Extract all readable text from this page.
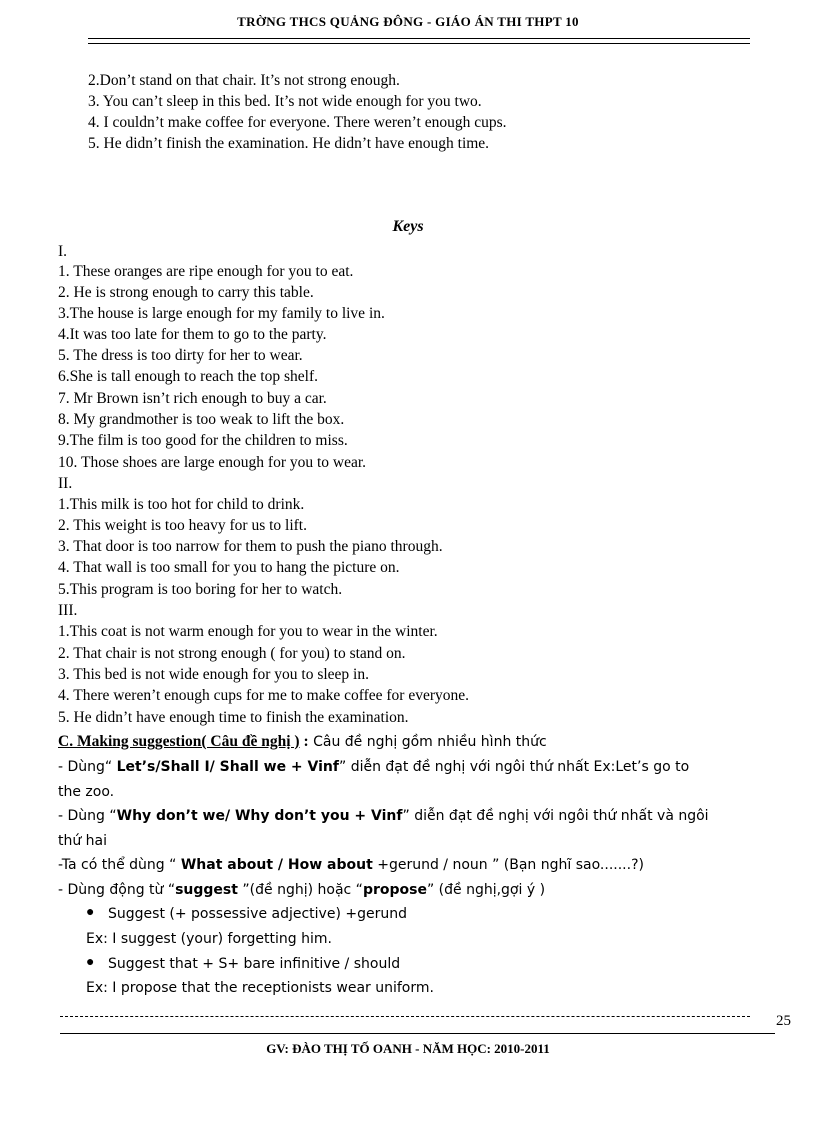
TRỜNG THCS QUẢNG ĐÔNG - GIÁO ÁN THI THPT 10
2.Don’t stand on that chair. It’s not strong enough.
3. You can’t sleep in this bed. It’s not wide enough for you two.
4. I couldn’t make coffee for everyone. There weren’t enough cups.
5. He didn’t finish the examination. He didn’t have enough time.
Keys
I.
1. These oranges are ripe enough for you to eat.
2. He is strong enough to carry this table.
3.The house is large enough for my family to live in.
4.It was too late for them to go to the party.
5. The dress is too dirty for her to wear.
6.She is tall enough to reach the top shelf.
7. Mr Brown isn’t rich enough to buy a car.
8. My grandmother is too weak to lift the box.
9.The film is too good for the children to miss.
10. Those shoes are large enough for you to wear.
II.
1.This milk is too hot for child to drink.
2. This weight is too heavy for us to lift.
3. That door is too narrow for them to push the piano through.
4. That wall is too small for you to hang the picture on.
5.This program is too boring for her to watch.
III.
1.This coat is not warm enough for you to wear in the winter.
2. That chair is not strong enough ( for you) to stand on.
3. This bed is not wide enough for you to sleep in.
4. There weren’t enough cups for me to make coffee for everyone.
5. He didn’t have enough time to finish the examination.
C. Making suggestion( Câu đề nghị ) : Câu đề nghị gồm nhiều hình thức
- Dùng“ Let’s/Shall I/ Shall we + Vinf” diễn đạt đề nghị với ngôi thứ nhất Ex:Let’s go to
the zoo.
- Dùng “Why don’t we/ Why don’t you + Vinf” diễn đạt đề nghị với ngôi thứ nhất và ngôi
thứ hai
-Ta có thể dùng “ What about / How about +gerund / noun ” (Bạn nghĩ sao.......?)
- Dùng động từ “suggest ”(đề nghị) hoặc “propose” (đề nghị,gợi ý )
● Suggest (+ possessive adjective) +gerund
Ex: I suggest (your) forgetting him.
● Suggest that + S+ bare infinitive / should
Ex: I propose that the receptionists wear uniform.
25
GV: ĐÀO THỊ TỐ OANH - NĂM HỌC: 2010-2011
